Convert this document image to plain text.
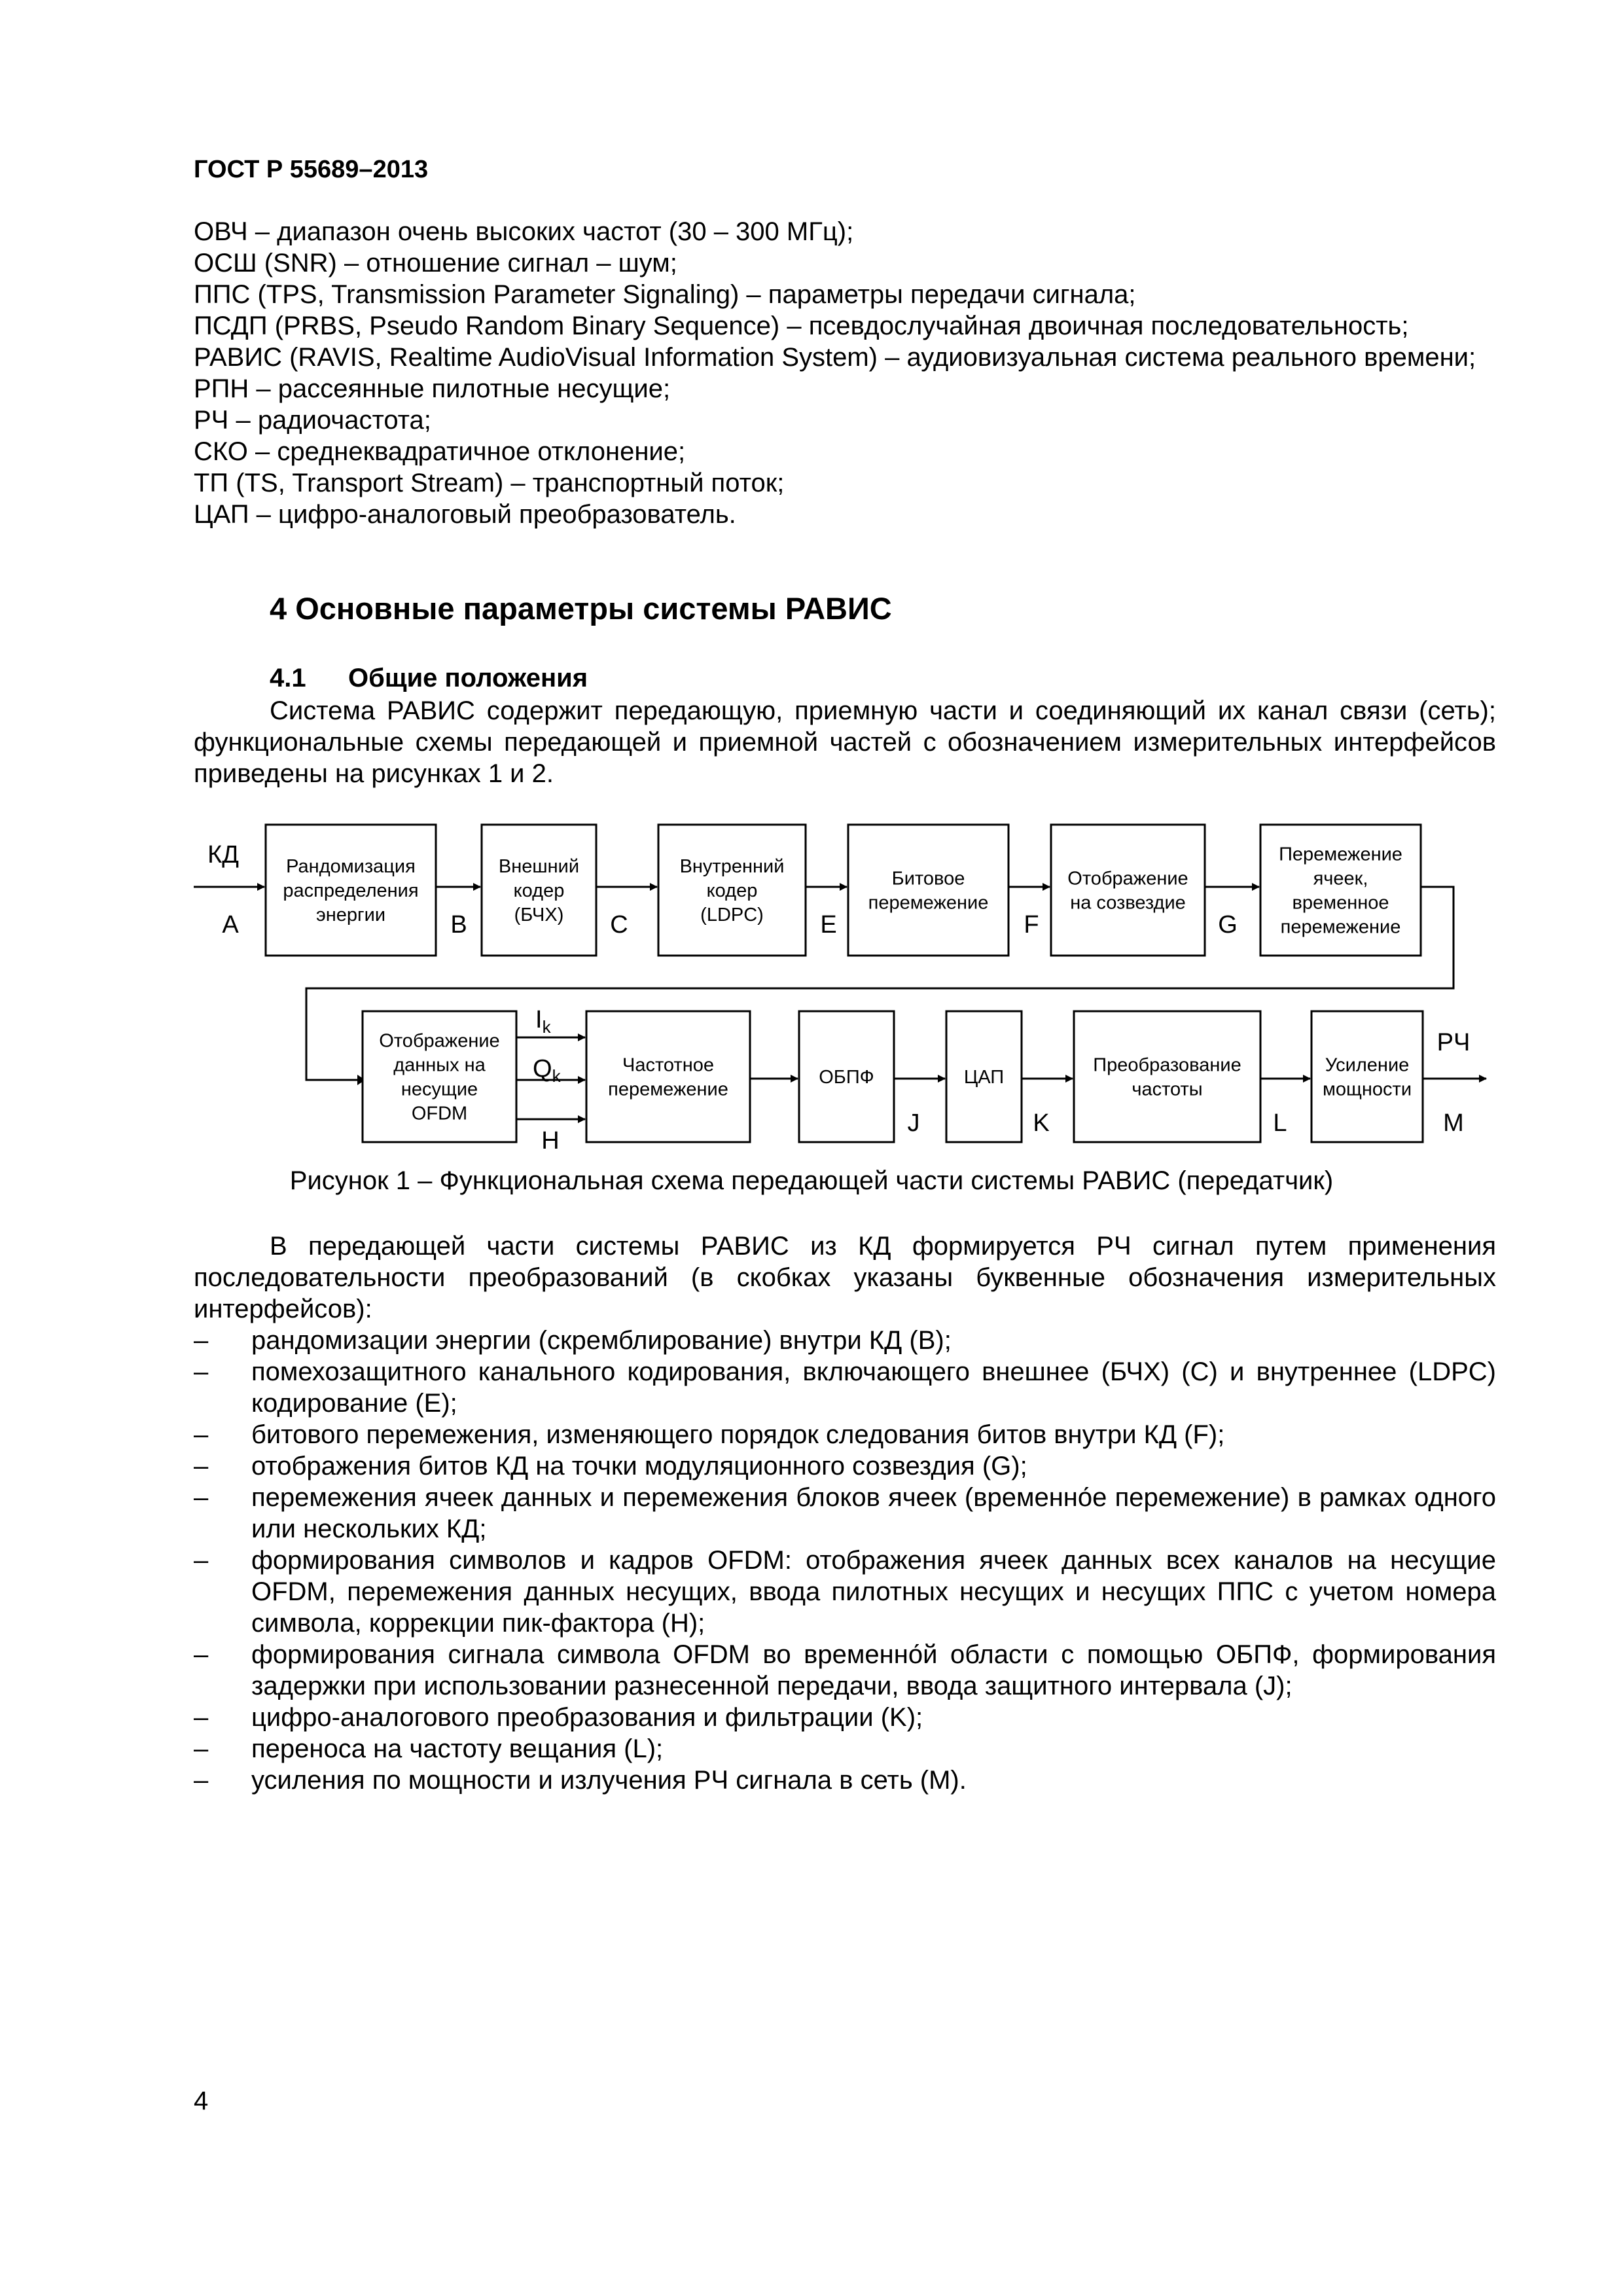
ГОСТ Р 55689–2013
ОВЧ – диапазон очень высоких частот (30 – 300 МГц);
ОСШ (SNR) – отношение сигнал – шум;
ППС (TPS, Transmission Parameter Signaling) – параметры передачи сигнала;
ПСДП (PRBS, Pseudo Random Binary Sequence) – псевдослучайная двоичная последовательность;
РАВИС (RAVIS, Realtime AudioVisual Information System) – аудиовизуальная система реального времени;
РПН – рассеянные пилотные несущие;
РЧ – радиочастота;
СКО – среднеквадратичное отклонение;
ТП (TS, Transport Stream) – транспортный поток;
ЦАП – цифро-аналоговый преобразователь.
4 Основные параметры системы РАВИС
4.1 Общие положения
Система РАВИС содержит передающую, приемную части и соединяющий их канал связи (сеть); функциональные схемы передающей и приемной частей с обозначением измерительных интерфейсов приведены на рисунках 1 и 2.
Рандомизация
распределения
энергии
Внешний
кодер
(БЧХ)
Внутренний
кодер
(LDPC)
Битовое
перемежение
Отображение
на созвездие
Перемежение
ячеек,
временное
перемежение
КД
A	B	C	E	F	G
Отображение
данных на
несущие
OFDM
Частотное
перемежение
ОБПФ	ЦАП
Преобразование
частоты
Усиление
мощности
$I_k$
$Q_k$
H
J	K	L
РЧ
M
Рисунок 1 – Функциональная схема передающей части системы РАВИС (передатчик)
В передающей части системы РАВИС из КД формируется РЧ сигнал путем применения последовательности преобразований (в скобках указаны буквенные обозначения измерительных интерфейсов):
– рандомизации энергии (скремблирование) внутри КД (B);
– помехозащитного канального кодирования, включающего внешнее (БЧХ) (C) и внутреннее (LDPC) кодирование (E);
– битового перемежения, изменяющего порядок следования битов внутри КД (F);
– отображения битов КД на точки модуляционного созвездия (G);
– перемежения ячеек данных и перемежения блоков ячеек (временно́е перемежение) в рамках одного или нескольких КД;
– формирования символов и кадров OFDM: отображения ячеек данных всех каналов на несущие OFDM, перемежения данных несущих, ввода пилотных несущих и несущих ППС с учетом номера символа, коррекции пик-фактора (H);
– формирования сигнала символа OFDM во временно́й области с помощью ОБПФ, формирования задержки при использовании разнесенной передачи, ввода защитного интервала (J);
– цифро-аналогового преобразования и фильтрации (K);
– переноса на частоту вещания (L);
– усиления по мощности и излучения РЧ сигнала в сеть (M).
4
